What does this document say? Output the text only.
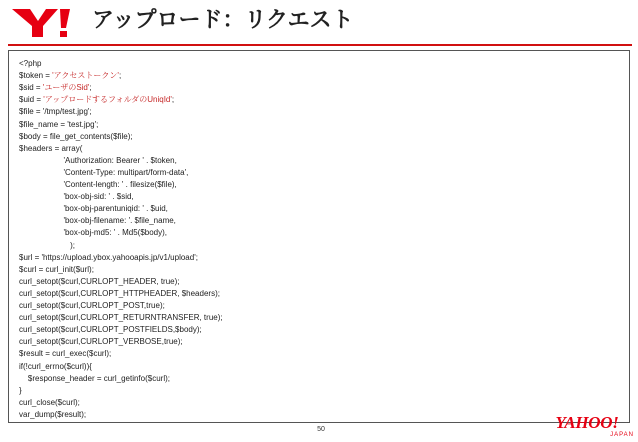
アップロード：リクエスト
<?php
$token = 'アクセストークン';
$sid = 'ユーザのSid';
$uid = 'アップロードするフォルダのUniqId';
$file = '/tmp/test.jpg';
$file_name = 'test.jpg';
$body = file_get_contents($file);
$headers = array(
'Authorization: Bearer ' . $token,
'Content-Type: multipart/form-data',
'Content-length: ' . filesize($file),
'box-obj-sid: ' . $sid,
'box-obj-parentuniqid: ' . $uid,
'box-obj-filename: '. $file_name,
'box-obj-md5: ' . Md5($body),
);
$url = 'https://upload.ybox.yahooapis.jp/v1/upload';
$curl = curl_init($url);
curl_setopt($curl,CURLOPT_HEADER, true);
curl_setopt($curl,CURLOPT_HTTPHEADER, $headers);
curl_setopt($curl,CURLOPT_POST,true);
curl_setopt($curl,CURLOPT_RETURNTRANSFER, true);
curl_setopt($curl,CURLOPT_POSTFIELDS,$body);
curl_setopt($curl,CURLOPT_VERBOSE,true);
$result = curl_exec($curl);
if(!curl_errno($curl)){
$response_header = curl_getinfo($curl);
}
curl_close($curl);
var_dump($result);
50	YAHOO!
JAPAN
